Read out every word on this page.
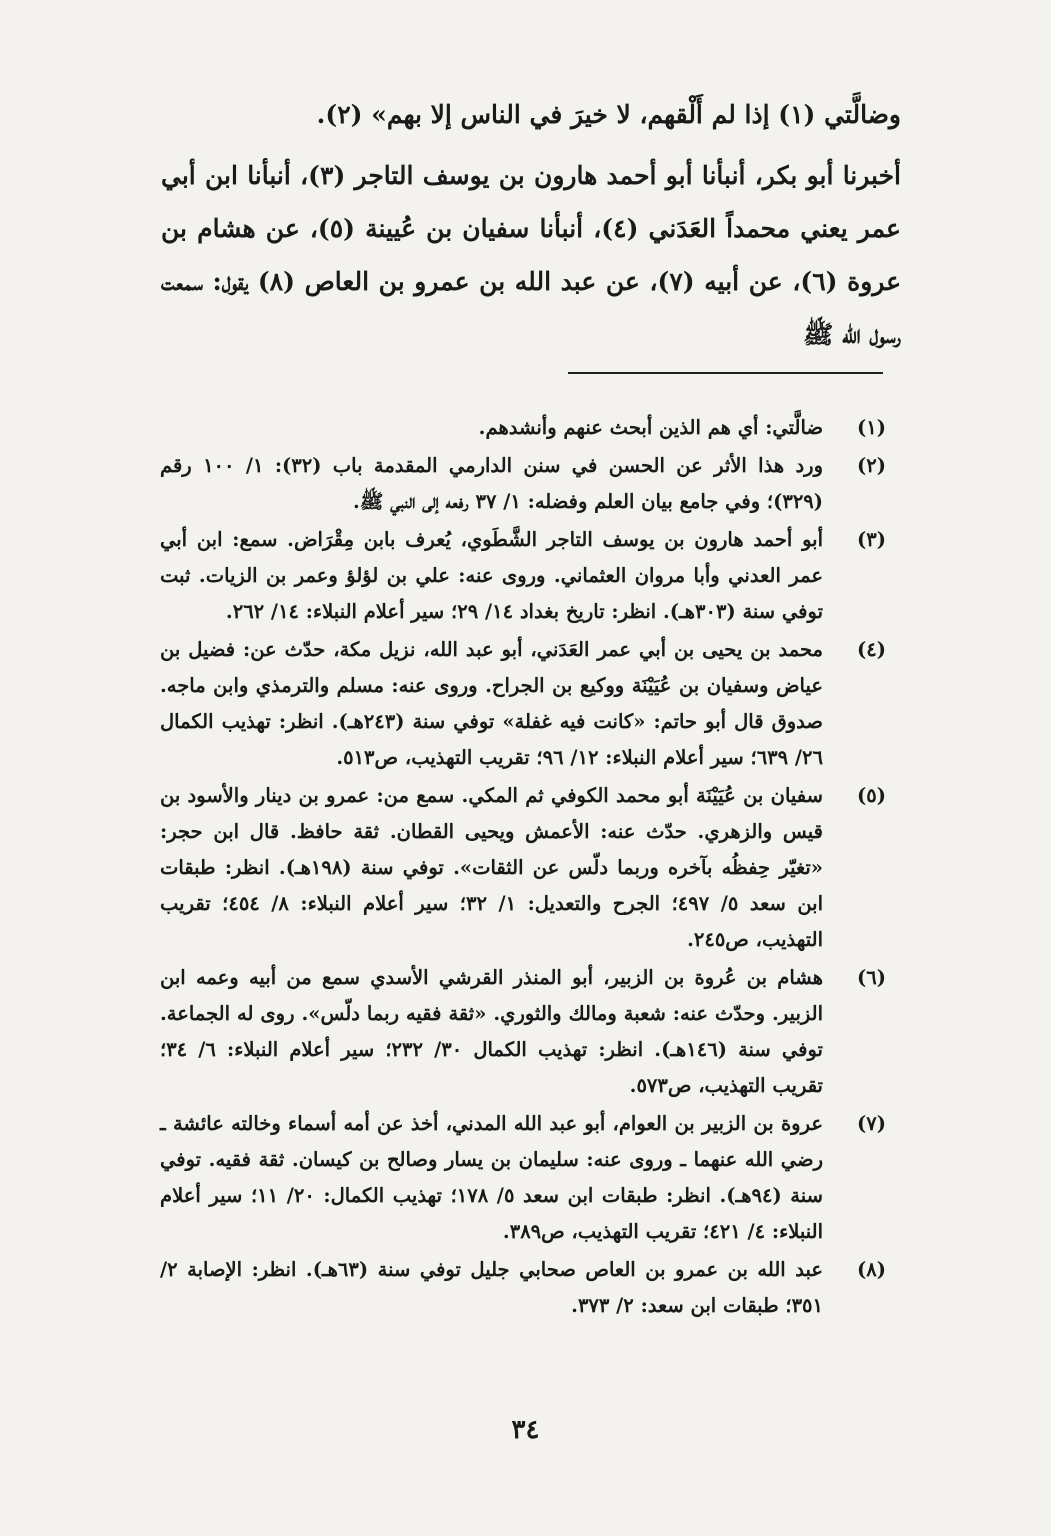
وضالَّتي (١) إذا لم أَلْقهم، لا خيرَ في الناس إلا بهم» (٢).

أخبرنا أبو بكر، أنبأنا أبو أحمد هارون بن يوسف التاجر (٣)، أنبأنا ابن أبي عمر يعني محمداً العَدَني (٤)، أنبأنا سفيان بن عُيينة (٥)، عن هشام بن عروة (٦)، عن أبيه (٧)، عن عبد الله بن عمرو بن العاص (٨) يقول: سمعت رسول الله ﷺ

(١)
ضالَّتي: أي هم الذين أبحث عنهم وأنشدهم.
(٢)
ورد هذا الأثر عن الحسن في سنن الدارمي المقدمة باب (٣٢): ١/ ١٠٠ رقم (٣٢٩)؛ وفي جامع بيان العلم وفضله: ١/ ٣٧ رفعه إلى النبي ﷺ.
(٣)
أبو أحمد هارون بن يوسف التاجر الشَّطَوي، يُعرف بابن مِقْرَاض. سمع: ابن أبي عمر العدني وأبا مروان العثماني. وروى عنه: علي بن لؤلؤ وعمر بن الزيات. ثبت توفي سنة (٣٠٣هـ). انظر: تاريخ بغداد ١٤/ ٢٩؛ سير أعلام النبلاء: ١٤/ ٢٦٢.
(٤)
محمد بن يحيى بن أبي عمر العَدَني، أبو عبد الله، نزيل مكة، حدّث عن: فضيل بن عياض وسفيان بن عُيَيْنَة ووكيع بن الجراح. وروى عنه: مسلم والترمذي وابن ماجه. صدوق قال أبو حاتم: «كانت فيه غفلة» توفي سنة (٢٤٣هـ). انظر: تهذيب الكمال ٢٦/ ٦٣٩؛ سير أعلام النبلاء: ١٢/ ٩٦؛ تقريب التهذيب، ص٥١٣.
(٥)
سفيان بن عُيَيْنَة أبو محمد الكوفي ثم المكي. سمع من: عمرو بن دينار والأسود بن قيس والزهري. حدّث عنه: الأعمش ويحيى القطان. ثقة حافظ. قال ابن حجر: «تغيّر حِفظُه بآخره وربما دلّس عن الثقات». توفي سنة (١٩٨هـ). انظر: طبقات ابن سعد ٥/ ٤٩٧؛ الجرح والتعديل: ١/ ٣٢؛ سير أعلام النبلاء: ٨/ ٤٥٤؛ تقريب التهذيب، ص٢٤٥.
(٦)
هشام بن عُروة بن الزبير، أبو المنذر القرشي الأسدي سمع من أبيه وعمه ابن الزبير. وحدّث عنه: شعبة ومالك والثوري. «ثقة فقيه ربما دلّس». روى له الجماعة. توفي سنة (١٤٦هـ). انظر: تهذيب الكمال ٣٠/ ٢٣٢؛ سير أعلام النبلاء: ٦/ ٣٤؛ تقريب التهذيب، ص٥٧٣.
(٧)
عروة بن الزبير بن العوام، أبو عبد الله المدني، أخذ عن أمه أسماء وخالته عائشة ـ رضي الله عنهما ـ وروى عنه: سليمان بن يسار وصالح بن كيسان. ثقة فقيه. توفي سنة (٩٤هـ). انظر: طبقات ابن سعد ٥/ ١٧٨؛ تهذيب الكمال: ٢٠/ ١١؛ سير أعلام النبلاء: ٤/ ٤٢١؛ تقريب التهذيب، ص٣٨٩.
(٨)
عبد الله بن عمرو بن العاص صحابي جليل توفي سنة (٦٣هـ). انظر: الإصابة ٢/ ٣٥١؛ طبقات ابن سعد: ٢/ ٣٧٣.
٣٤
